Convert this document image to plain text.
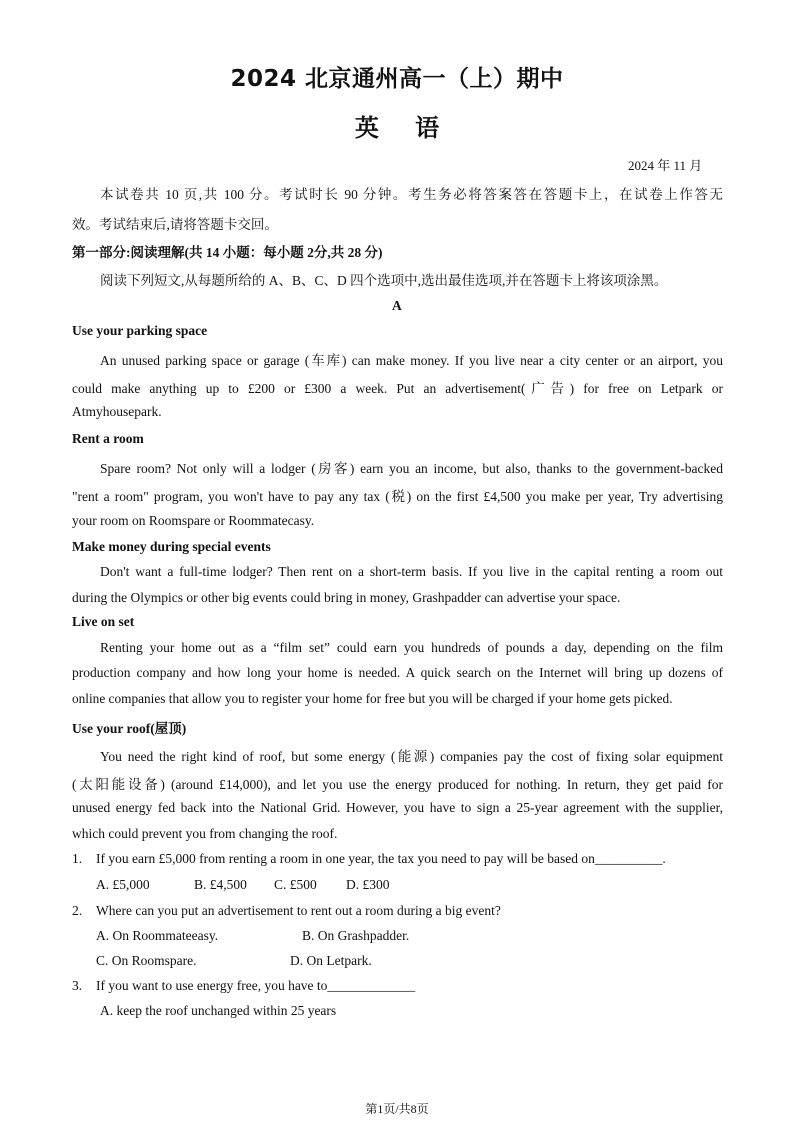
2024 北京通州高一（上）期中
英 语
2024 年 11 月
本试卷共 10 页,共 100 分。考试时长 90 分钟。考生务必将答案答在答题卡上，在试卷上作答无
效。考试结束后,请将答题卡交回。
第一部分:阅读理解(共 14 小题：每小题 2分,共 28 分)
阅读下列短文,从每题所给的 A、B、C、D 四个选项中,选出最佳选项,并在答题卡上将该项涂黑。
A
Use your parking space
An unused parking space or garage (车库) can make money. If you live near a city center or an airport, you
could make anything up to £200 or £300 a week. Put an advertisement(广告) for free on Letpark or
Atmyhousepark.
Rent a room
Spare room? Not only will a lodger (房客) earn you an income, but also, thanks to the government-backed
"rent a room" program, you won't have to pay any tax (税) on the first £4,500 you make per year, Try advertising
your room on Roomspare or Roommatecasy.
Make money during special events
Don't want a full-time lodger? Then rent on a short-term basis. If you live in the capital renting a room out
during the Olympics or other big events could bring in money, Grashpadder can advertise your space.
Live on set
Renting your home out as a “film set” could earn you hundreds of pounds a day, depending on the film
production company and how long your home is needed. A quick search on the Internet will bring up dozens of
online companies that allow you to register your home for free but you will be charged if your home gets picked.
Use your roof(屋顶)
You need the right kind of roof, but some energy (能源) companies pay the cost of fixing solar equipment
(太阳能设备) (around £14,000), and let you use the energy produced for nothing. In return, they get paid for
unused energy fed back into the National Grid. However, you have to sign a 25-year agreement with the supplier,
which could prevent you from changing the roof.
1. If you earn £5,000 from renting a room in one year, the tax you need to pay will be based on__________.
A. £5,000	B. £4,500 C. £500 D. £300
2. Where can you put an advertisement to rent out a room during a big event?
A. On Roommateeasy.	B. On Grashpadder.
C. On Roomspare.	D. On Letpark.
3. If you want to use energy free, you have to_____________
A. keep the roof unchanged within 25 years
第1页/共8页
